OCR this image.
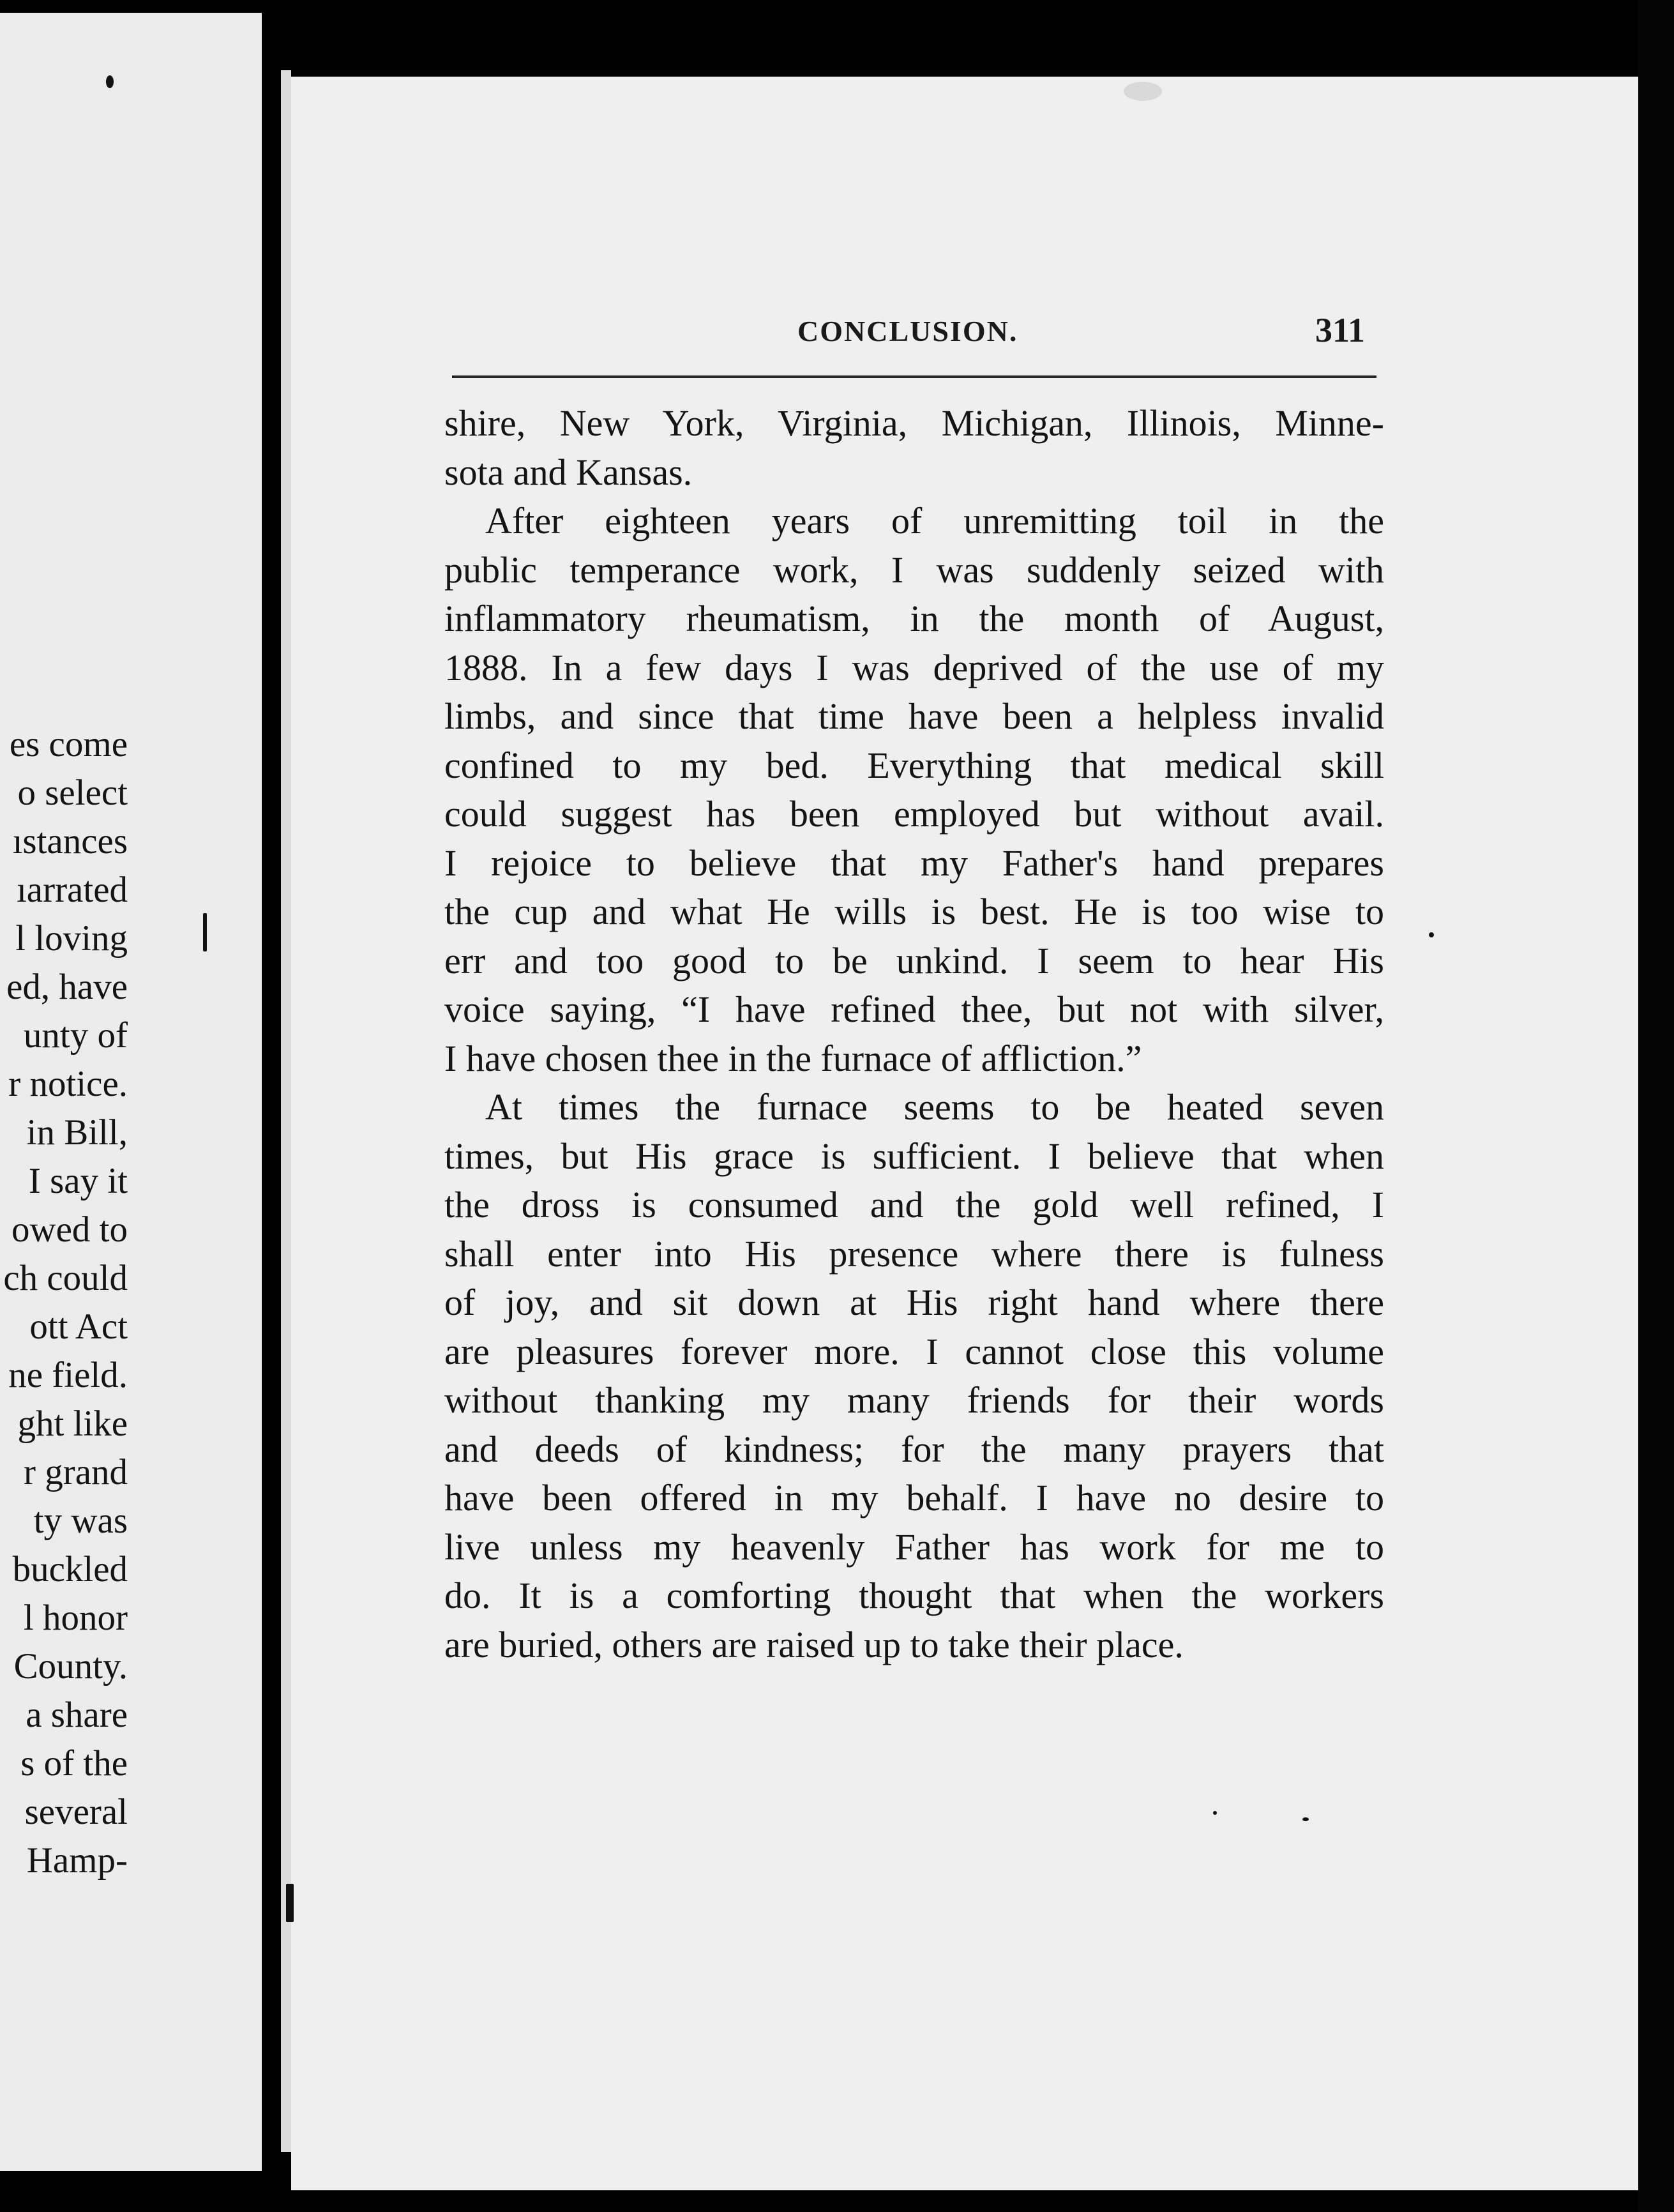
es come

o select

ıstances

ıarrated

l loving

ed, have

unty of

r notice.

in Bill,

I say it

owed to

ch could

ott Act

ne field.

ght like

r grand

ty was

buckled

l honor

County.

a share

s of the

several

Hamp-

CONCLUSION.	311

shire, New York, Virginia, Michigan, Illinois, Minne-
sota and Kansas.
After eighteen years of unremitting toil in the
public temperance work, I was suddenly seized with
inflammatory rheumatism, in the month of August,
1888. In a few days I was deprived of the use of my
limbs, and since that time have been a helpless invalid
confined to my bed. Everything that medical skill
could suggest has been employed but without avail.
I rejoice to believe that my Father's hand prepares
the cup and what He wills is best. He is too wise to
err and too good to be unkind. I seem to hear His
voice saying, “I have refined thee, but not with silver,
I have chosen thee in the furnace of affliction.”
At times the furnace seems to be heated seven
times, but His grace is sufficient. I believe that when
the dross is consumed and the gold well refined, I
shall enter into His presence where there is fulness
of joy, and sit down at His right hand where there
are pleasures forever more. I cannot close this volume
without thanking my many friends for their words
and deeds of kindness; for the many prayers that
have been offered in my behalf. I have no desire to
live unless my heavenly Father has work for me to
do. It is a comforting thought that when the workers
are buried, others are raised up to take their place.
